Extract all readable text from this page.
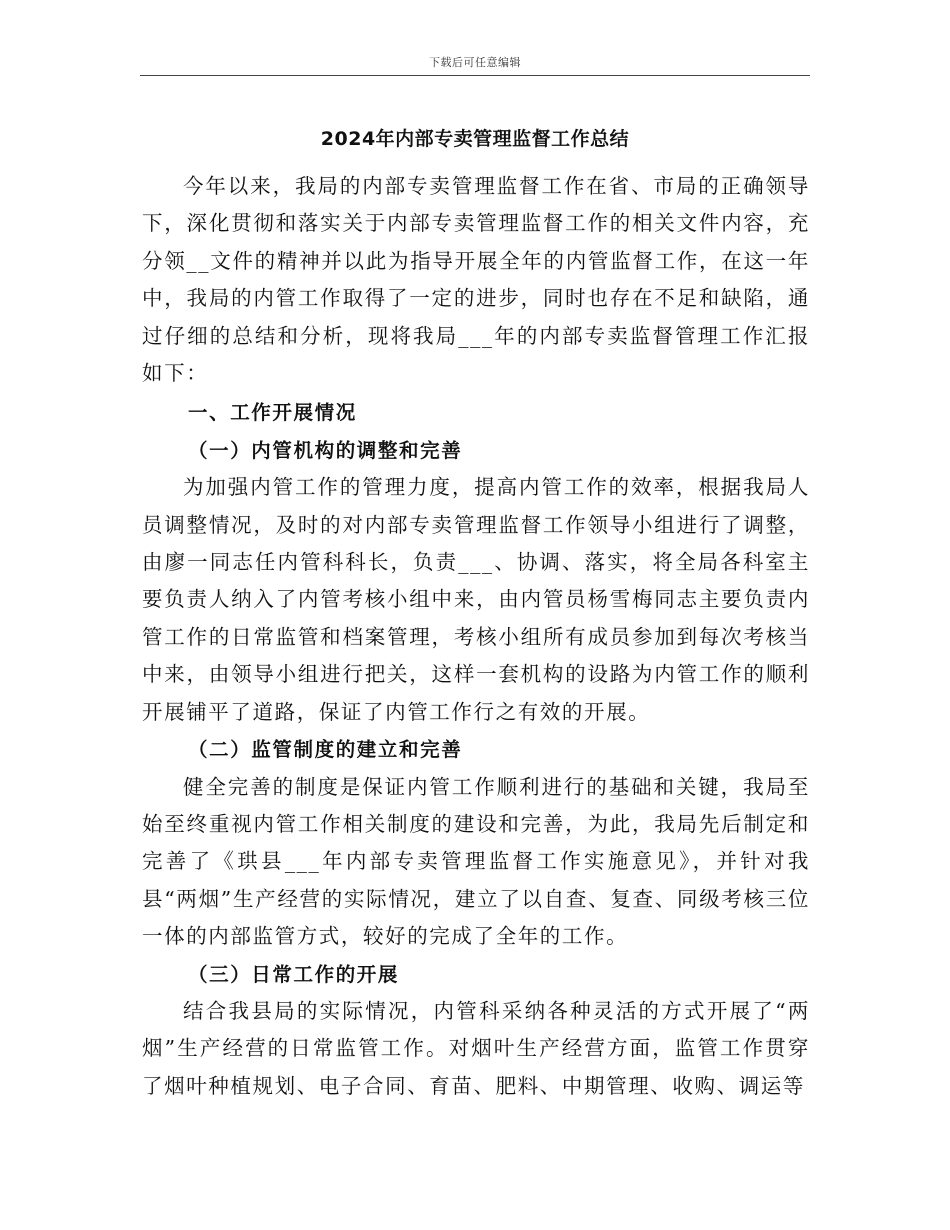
下载后可任意编辑
2024年内部专卖管理监督工作总结

今年以来，我局的内部专卖管理监督工作在省、市局的正确领导下，深化贯彻和落实关于内部专卖管理监督工作的相关文件内容，充分领__文件的精神并以此为指导开展全年的内管监督工作，在这一年中，我局的内管工作取得了一定的进步，同时也存在不足和缺陷，通过仔细的总结和分析，现将我局___年的内部专卖监督管理工作汇报如下：

一、工作开展情况

（一）内管机构的调整和完善

为加强内管工作的管理力度，提高内管工作的效率，根据我局人员调整情况，及时的对内部专卖管理监督工作领导小组进行了调整，由廖一同志任内管科科长，负责___、协调、落实，将全局各科室主要负责人纳入了内管考核小组中来，由内管员杨雪梅同志主要负责内管工作的日常监管和档案管理，考核小组所有成员参加到每次考核当中来，由领导小组进行把关，这样一套机构的设路为内管工作的顺利开展铺平了道路，保证了内管工作行之有效的开展。

（二）监管制度的建立和完善

健全完善的制度是保证内管工作顺利进行的基础和关键，我局至始至终重视内管工作相关制度的建设和完善，为此，我局先后制定和完善了《珙县___年内部专卖管理监督工作实施意见》，并针对我县“两烟”生产经营的实际情况，建立了以自查、复查、同级考核三位一体的内部监管方式，较好的完成了全年的工作。

（三）日常工作的开展

结合我县局的实际情况，内管科采纳各种灵活的方式开展了“两烟”生产经营的日常监管工作。对烟叶生产经营方面，监管工作贯穿了烟叶种植规划、电子合同、育苗、肥料、中期管理、收购、调运等
